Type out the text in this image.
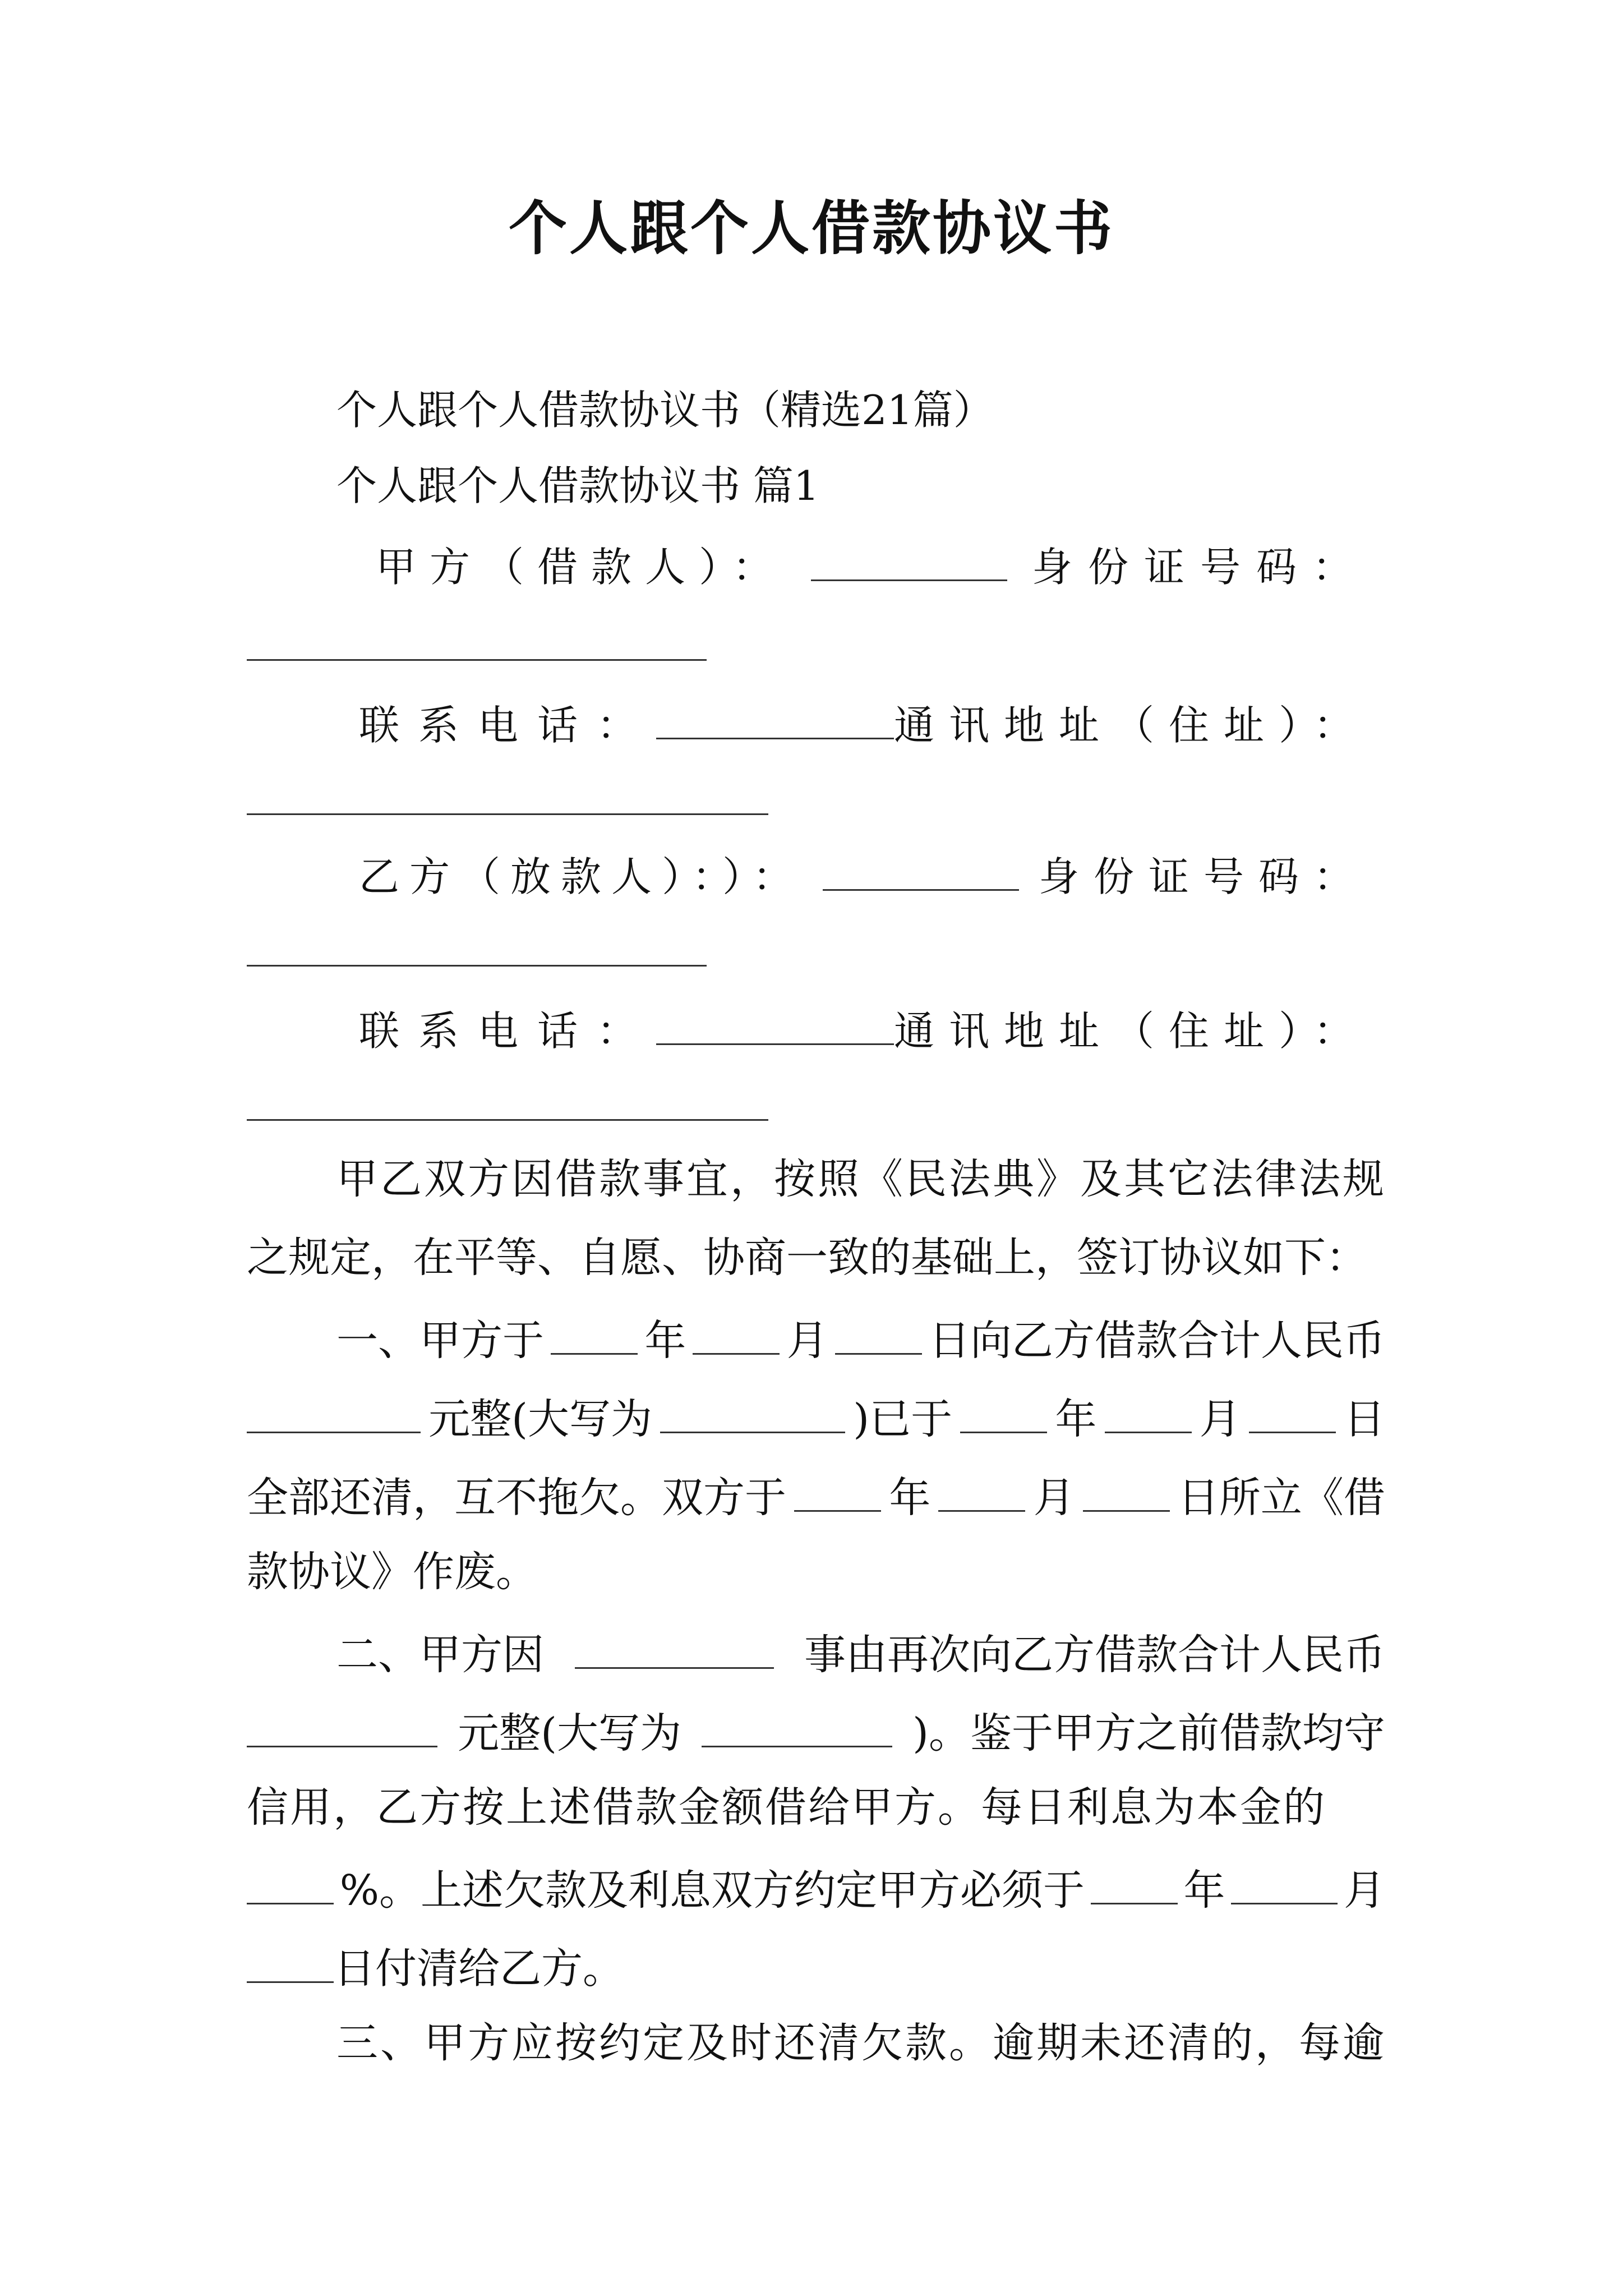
个人跟个人借款协议书
个人跟个人借款协议书（精选21篇）
个人跟个人借款协议书 篇1
甲方（借款人）：	身份证号码：
联系电话：	通讯地址（住址）：
乙方（放款人）：）：	身份证号码：
联系电话：	通讯地址（住址）：
甲乙双方因借款事宜，按照《民法典》及其它法律法规
之规定，在平等、自愿、协商一致的基础上，签订协议如下：
一、甲方于 年 月 日向乙方借款合计人民币
元整(大写为	)已于 年 月 日
全部还清，互不拖欠。双方于 年 月 日所立《借
款协议》作废。
二、甲方因	事由再次向乙方借款合计人民币
元整(大写为	)。鉴于甲方之前借款均守
信用，乙方按上述借款金额借给甲方。每日利息为本金的
%。上述欠款及利息双方约定甲方必须于 年	月
日付清给乙方。
三、甲方应按约定及时还清欠款。逾期未还清的，每逾
